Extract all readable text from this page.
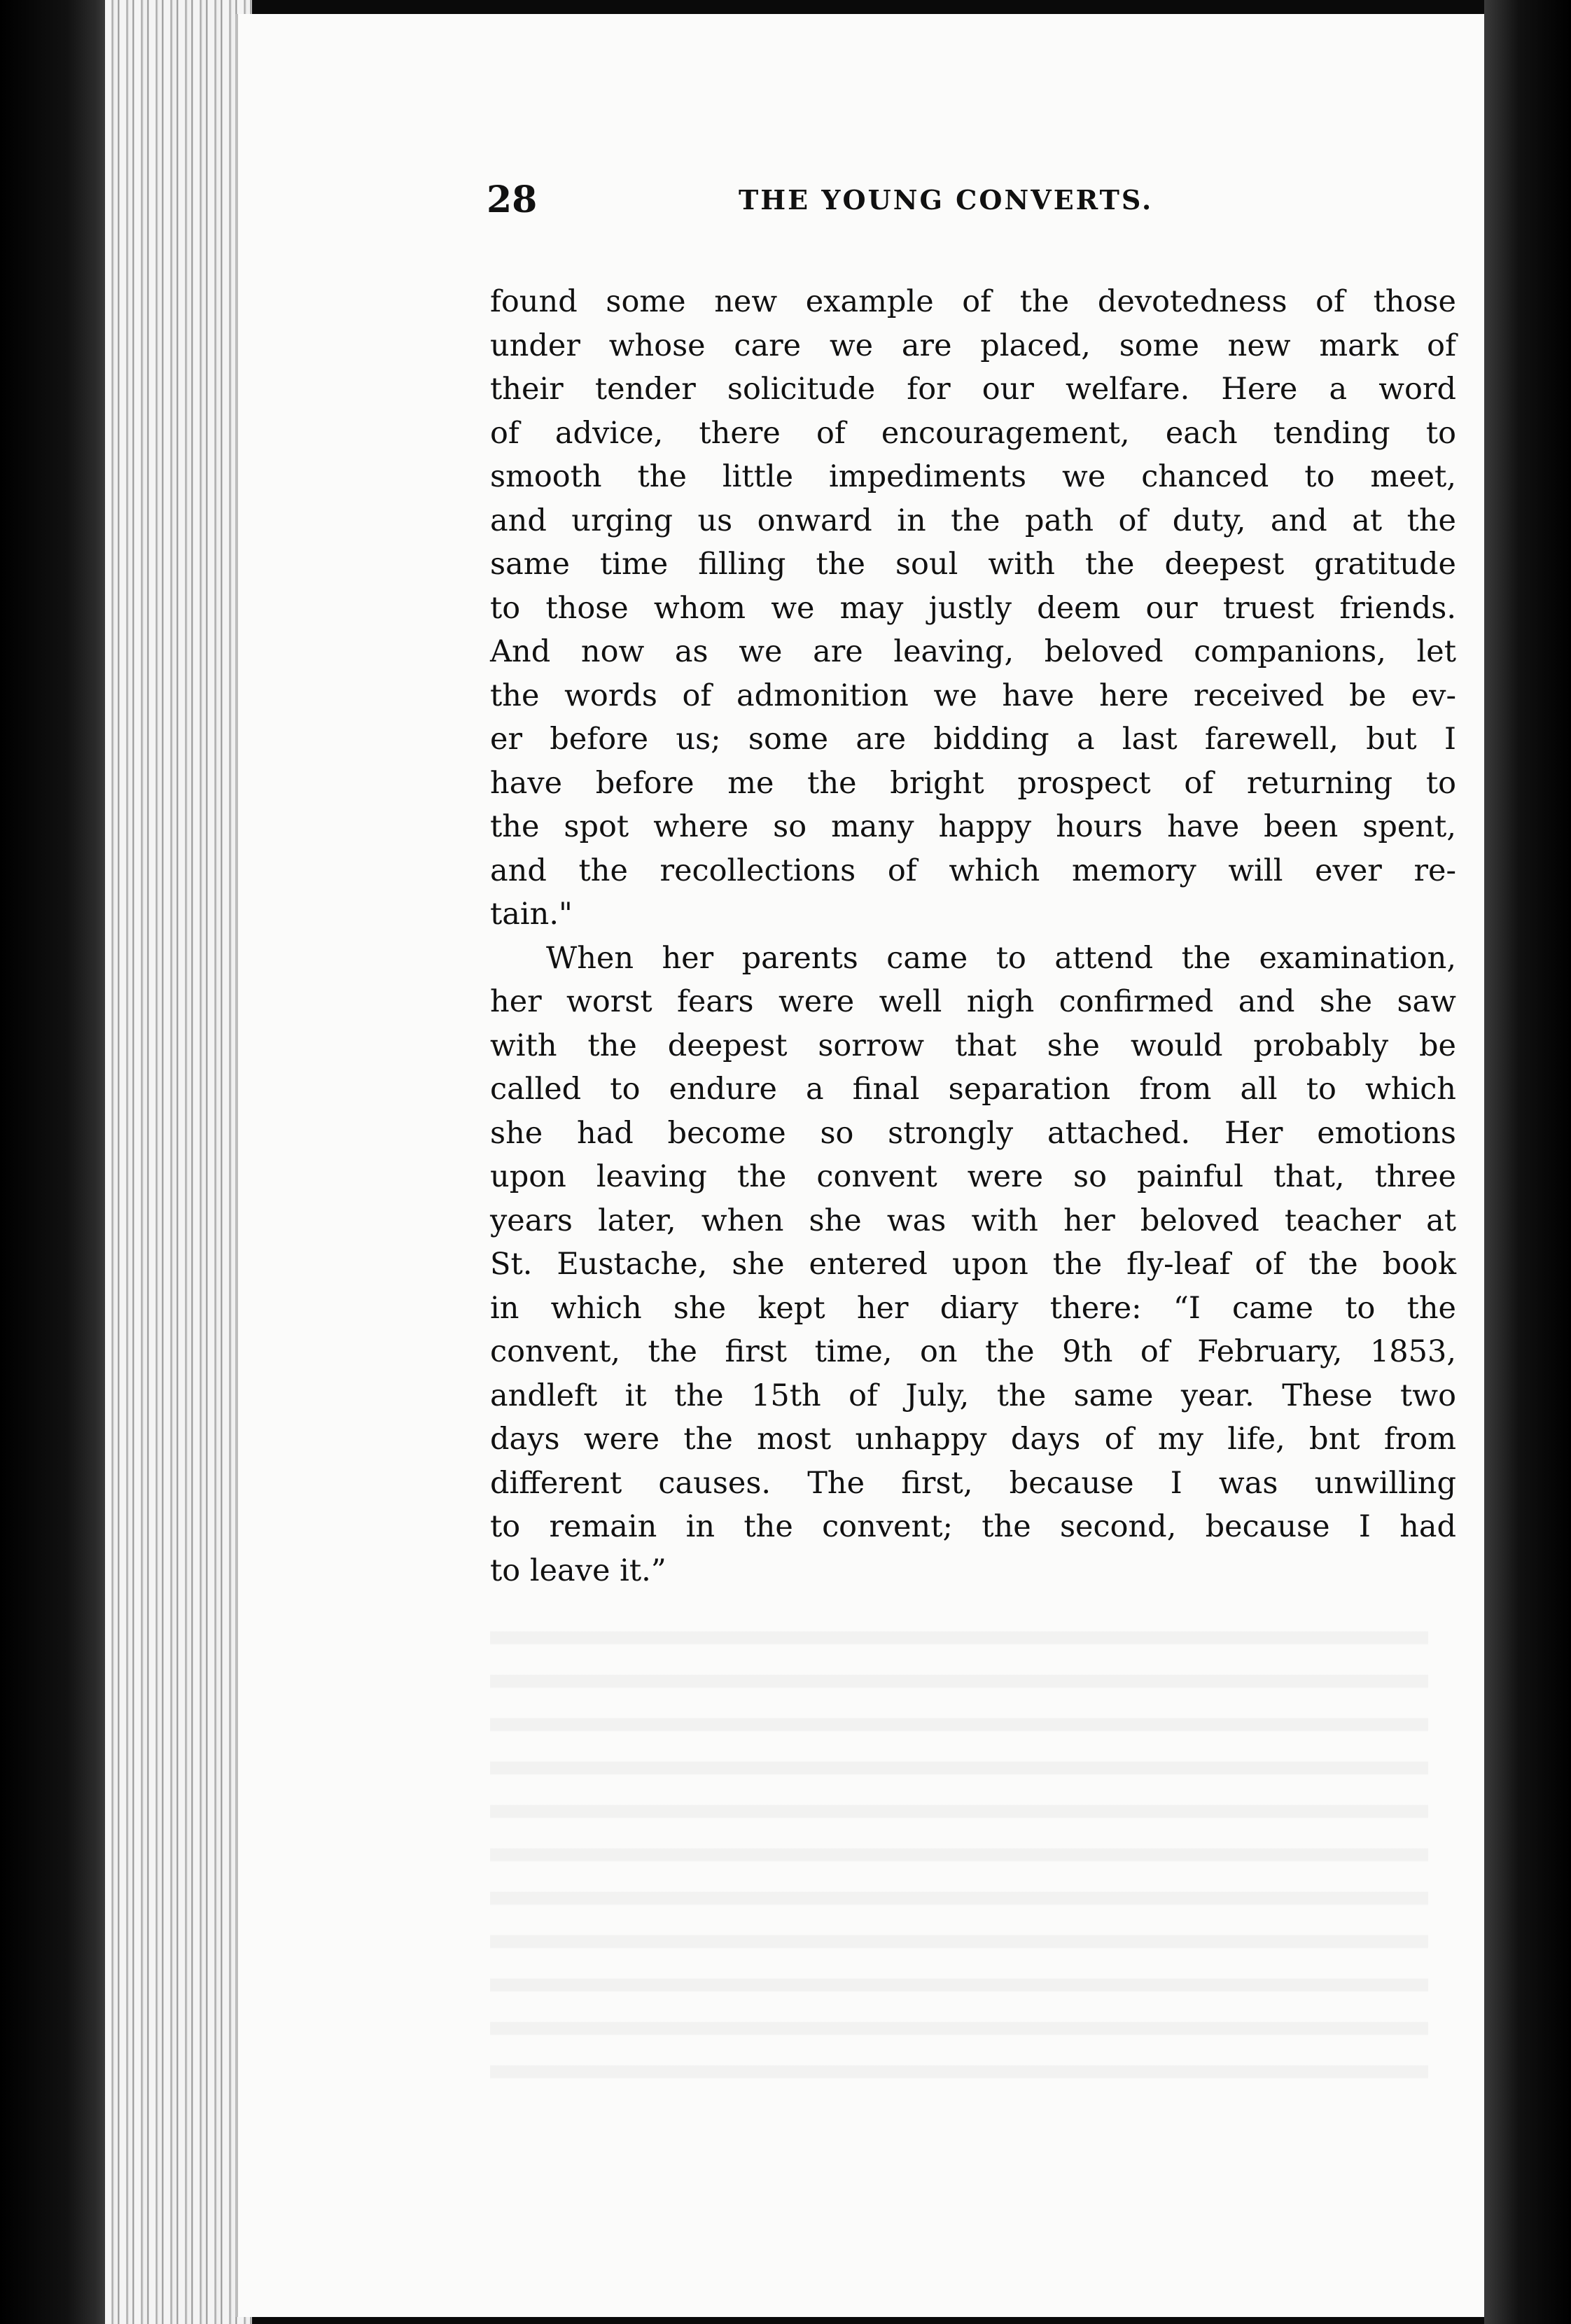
28	THE YOUNG CONVERTS.
found some new example of the devotedness of those
under whose care we are placed, some new mark of
their tender solicitude for our welfare. Here a word
of advice, there of encouragement, each tending to
smooth the little impediments we chanced to meet,
and urging us onward in the path of duty, and at the
same time filling the soul with the deepest gratitude
to those whom we may justly deem our truest friends.
And now as we are leaving, beloved companions, let
the words of admonition we have here received be ev-
er before us; some are bidding a last farewell, but I
have before me the bright prospect of returning to
the spot where so many happy hours have been spent,
and the recollections of which memory will ever re-
tain."
When her parents came to attend the examination,
her worst fears were well nigh confirmed and she saw
with the deepest sorrow that she would probably be
called to endure a final separation from all to which
she had become so strongly attached. Her emotions
upon leaving the convent were so painful that, three
years later, when she was with her beloved teacher at
St. Eustache, she entered upon the fly-leaf of the book
in which she kept her diary there: “I came to the
convent, the first time, on the 9th of February, 1853,
andleft it the 15th of July, the same year. These two
days were the most unhappy days of my life, bnt from
different causes. The first, because I was unwilling
to remain in the convent; the second, because I had
to leave it.”
